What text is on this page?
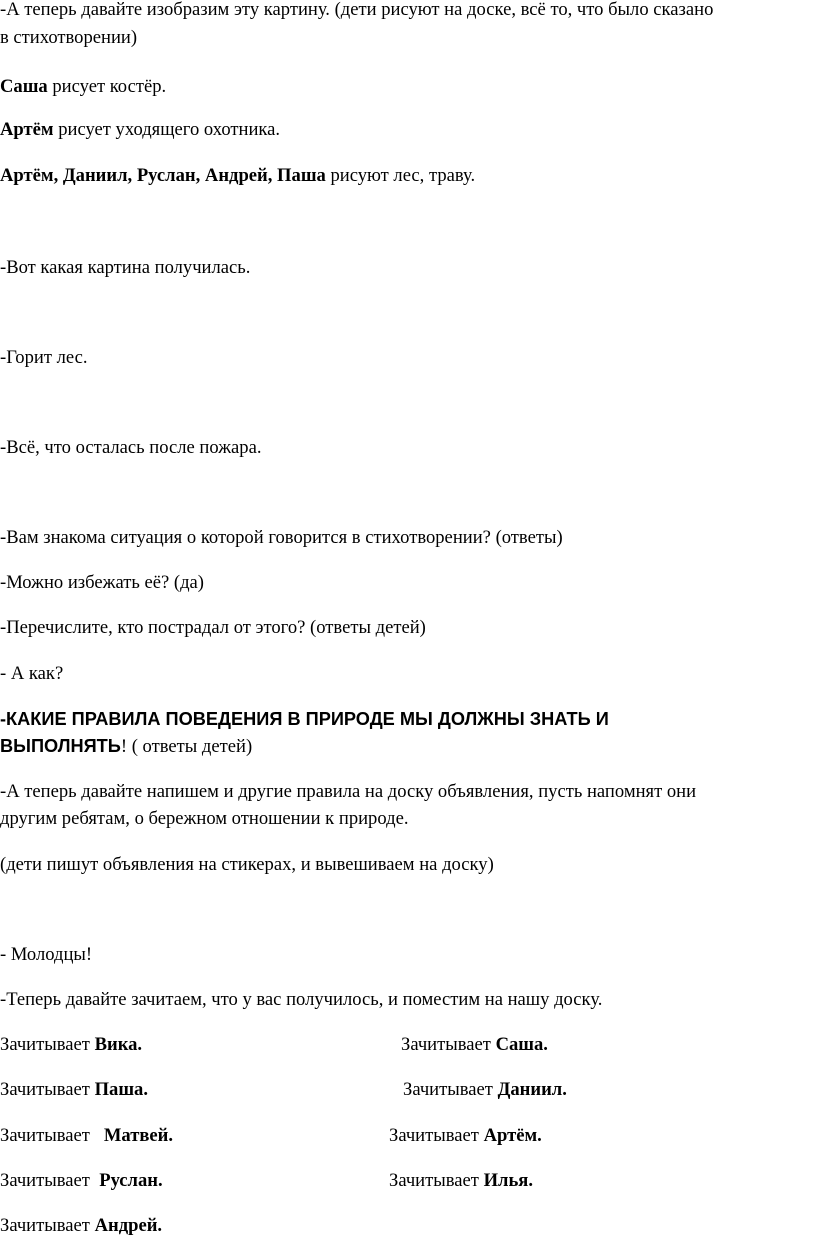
-А теперь давайте изобразим эту картину. (дети рисуют на доске, всё то, что было сказано

в стихотворении)

Саша рисует костёр.

Артём рисует уходящего охотника.

Артём, Даниил, Руслан, Андрей, Паша рисуют лес, траву.

-Вот какая картина получилась.

-Горит лес.

-Всё, что осталась после пожара.

-Вам знакома ситуация о которой говорится в стихотворении? (ответы)

-Можно избежать её? (да)

-Перечислите, кто пострадал от этого? (ответы детей)

- А как?

-КАКИЕ ПРАВИЛА ПОВЕДЕНИЯ В ПРИРОДЕ МЫ ДОЛЖНЫ ЗНАТЬ И

ВЫПОЛНЯТЬ! ( ответы детей)

-А теперь давайте напишем и другие правила на доску объявления, пусть напомнят они

другим ребятам, о бережном отношении к природе.

(дети пишут объявления на стикерах, и вывешиваем на доску)

- Молодцы!

-Теперь давайте зачитаем, что у вас получилось, и поместим на нашу доску.

Зачитывает Вика.	Зачитывает Саша.
Зачитывает Паша.	Зачитывает Даниил.
Зачитывает Матвей.	Зачитывает Артём.
Зачитывает Руслан.	Зачитывает Илья.
Зачитывает Андрей.
